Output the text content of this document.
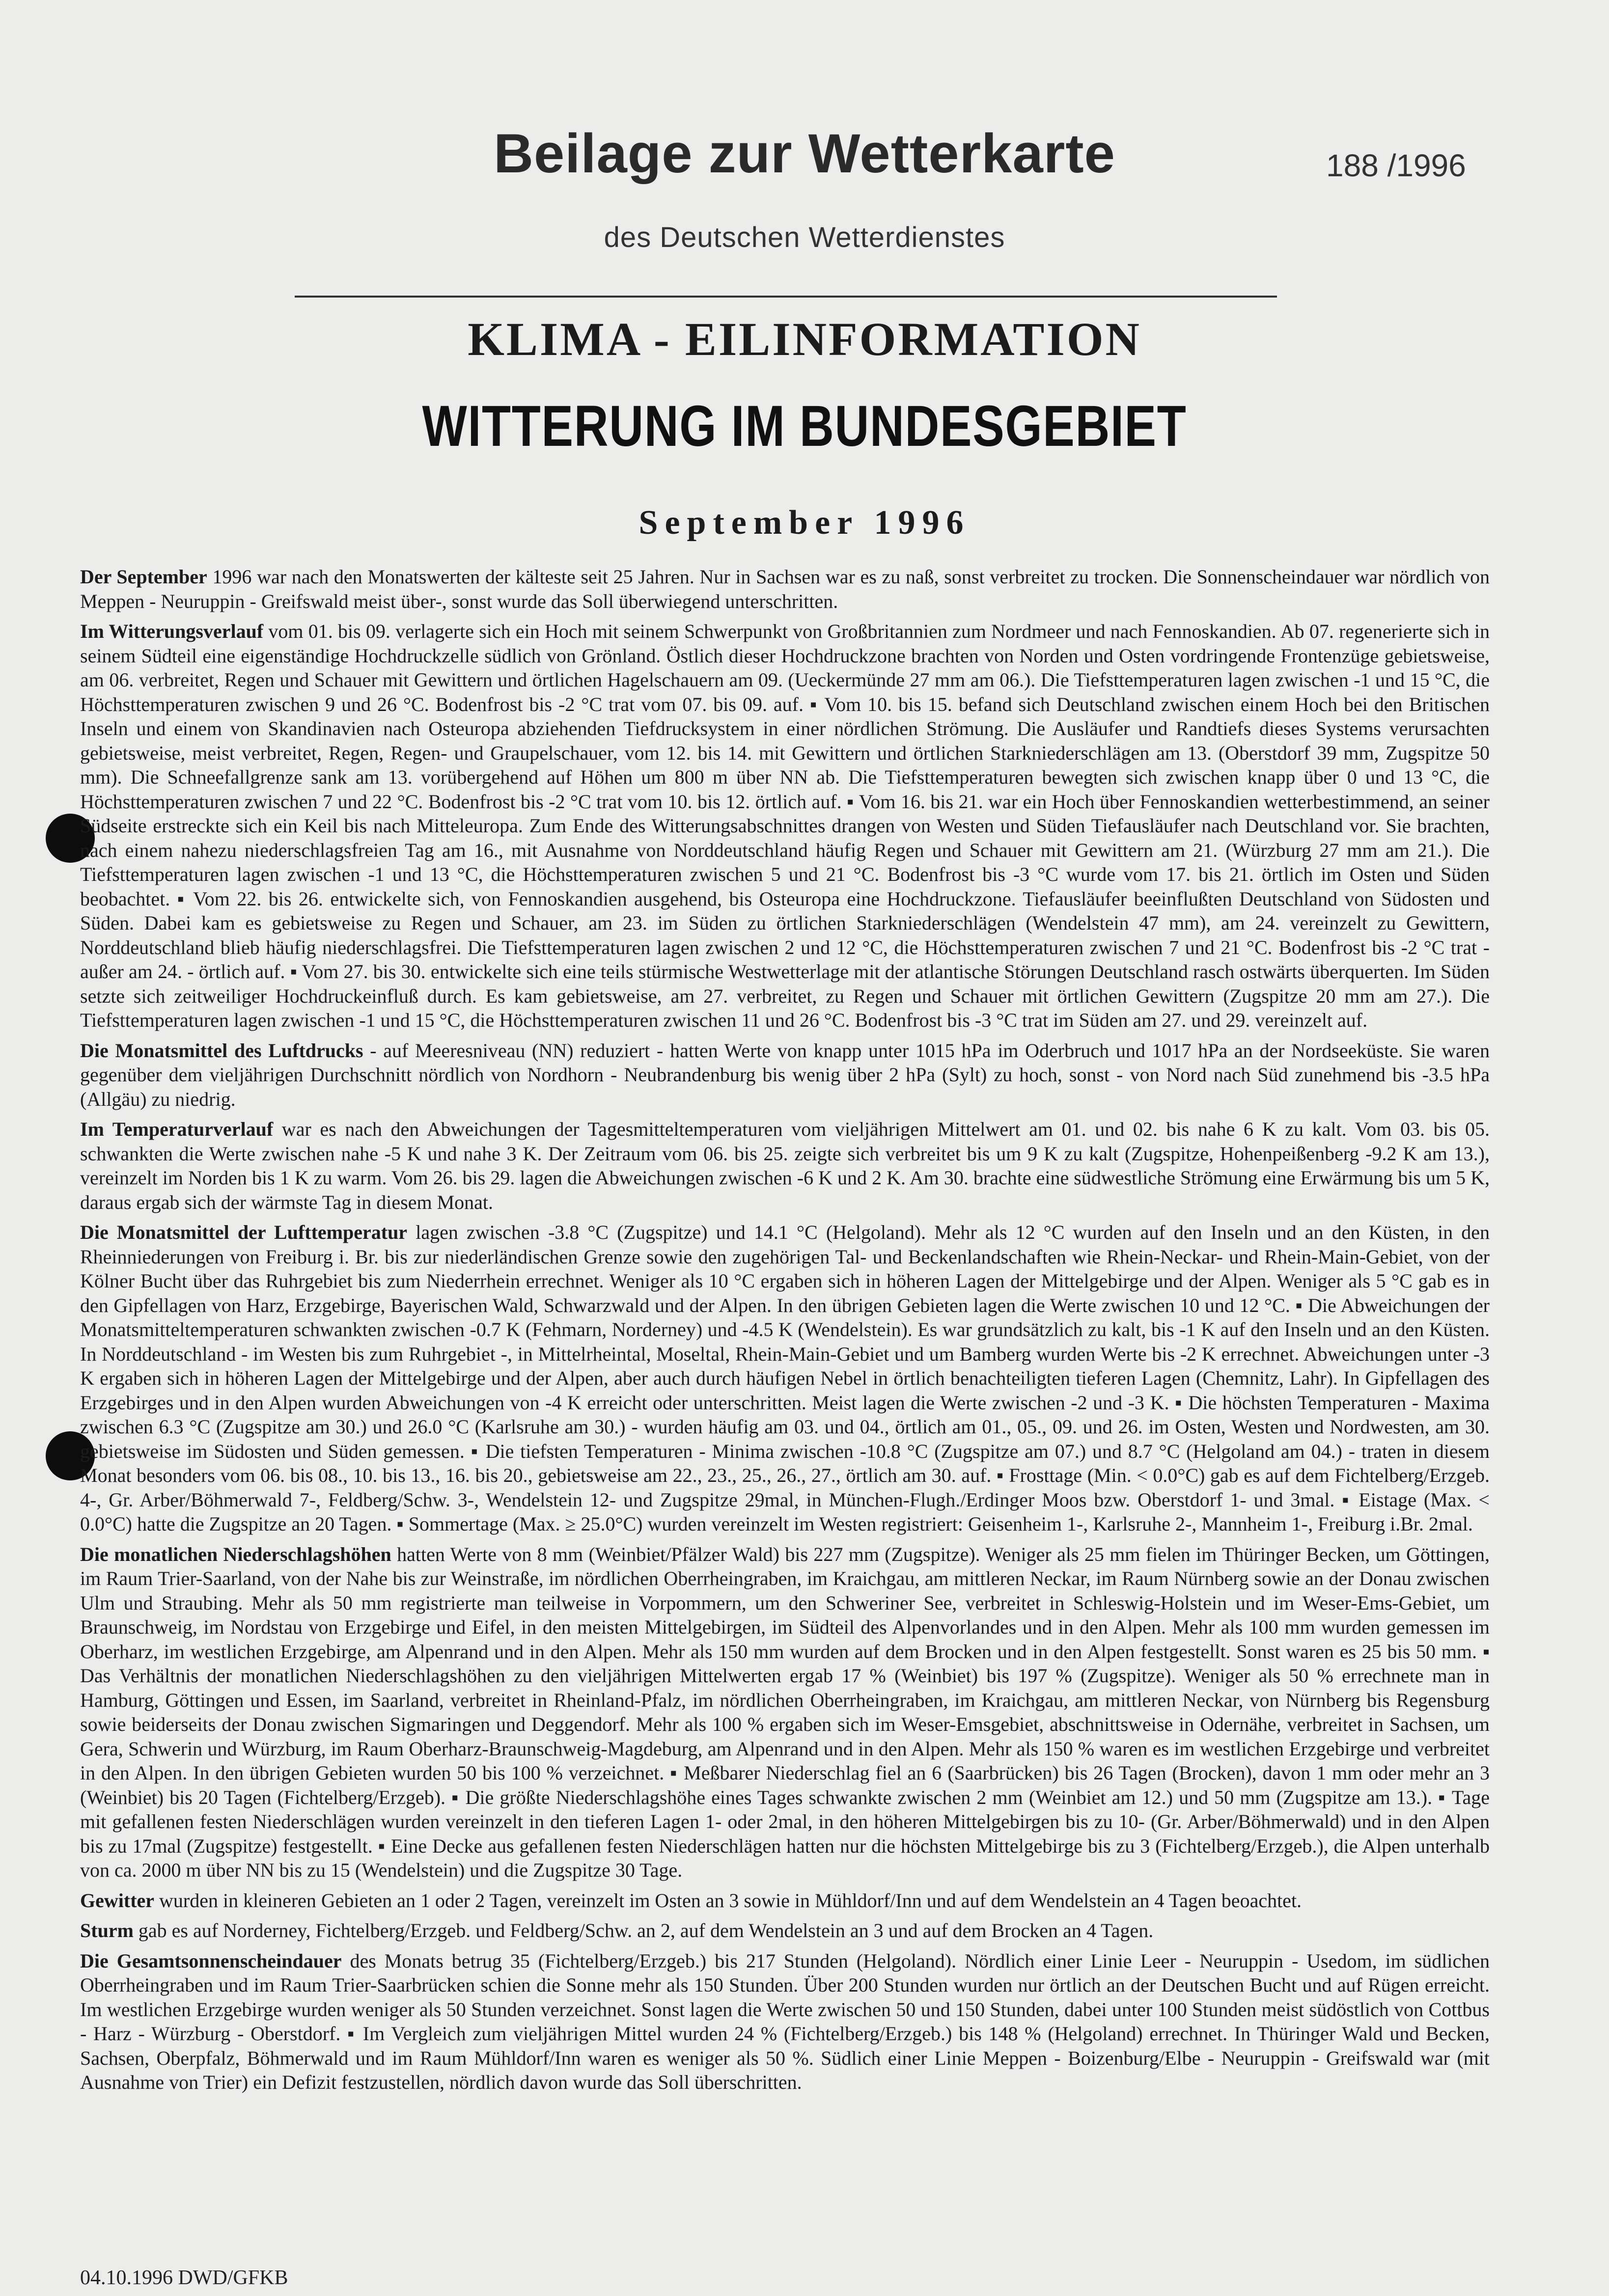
Beilage zur Wetterkarte	188 /1996
des Deutschen Wetterdienstes
KLIMA - EILINFORMATION
WITTERUNG IM BUNDESGEBIET
September 1996

Der September 1996 war nach den Monatswerten der kälteste seit 25 Jahren. Nur in Sachsen war es zu naß, sonst verbreitet zu trocken. Die Sonnenscheindauer war nördlich von Meppen - Neuruppin - Greifswald meist über-, sonst wurde das Soll überwiegend unterschritten.

Im Witterungsverlauf vom 01. bis 09. verlagerte sich ein Hoch mit seinem Schwerpunkt von Großbritannien zum Nordmeer und nach Fennoskandien. Ab 07. regenerierte sich in seinem Südteil eine eigenständige Hochdruckzelle südlich von Grönland. Östlich dieser Hochdruckzone brachten von Norden und Osten vordringende Frontenzüge gebietsweise, am 06. verbreitet, Regen und Schauer mit Gewittern und örtlichen Hagelschauern am 09. (Ueckermünde 27 mm am 06.). Die Tiefsttemperaturen lagen zwischen -1 und 15 °C, die Höchsttemperaturen zwischen 9 und 26 °C. Bodenfrost bis -2 °C trat vom 07. bis 09. auf. ▪ Vom 10. bis 15. befand sich Deutschland zwischen einem Hoch bei den Britischen Inseln und einem von Skandinavien nach Osteuropa abziehenden Tiefdrucksystem in einer nördlichen Strömung. Die Ausläufer und Randtiefs dieses Systems verursachten gebietsweise, meist verbreitet, Regen, Regen- und Graupelschauer, vom 12. bis 14. mit Gewittern und örtlichen Starkniederschlägen am 13. (Oberstdorf 39 mm, Zugspitze 50 mm). Die Schneefallgrenze sank am 13. vorübergehend auf Höhen um 800 m über NN ab. Die Tiefsttemperaturen bewegten sich zwischen knapp über 0 und 13 °C, die Höchsttemperaturen zwischen 7 und 22 °C. Bodenfrost bis -2 °C trat vom 10. bis 12. örtlich auf. ▪ Vom 16. bis 21. war ein Hoch über Fennoskandien wetterbestimmend, an seiner Südseite erstreckte sich ein Keil bis nach Mitteleuropa. Zum Ende des Witterungsabschnittes drangen von Westen und Süden Tiefausläufer nach Deutschland vor. Sie brachten, nach einem nahezu niederschlagsfreien Tag am 16., mit Ausnahme von Norddeutschland häufig Regen und Schauer mit Gewittern am 21. (Würzburg 27 mm am 21.). Die Tiefsttemperaturen lagen zwischen -1 und 13 °C, die Höchsttemperaturen zwischen 5 und 21 °C. Bodenfrost bis -3 °C wurde vom 17. bis 21. örtlich im Osten und Süden beobachtet. ▪ Vom 22. bis 26. entwickelte sich, von Fennoskandien ausgehend, bis Osteuropa eine Hochdruckzone. Tiefausläufer beeinflußten Deutschland von Südosten und Süden. Dabei kam es gebietsweise zu Regen und Schauer, am 23. im Süden zu örtlichen Starkniederschlägen (Wendelstein 47 mm), am 24. vereinzelt zu Gewittern, Norddeutschland blieb häufig niederschlagsfrei. Die Tiefsttemperaturen lagen zwischen 2 und 12 °C, die Höchsttemperaturen zwischen 7 und 21 °C. Bodenfrost bis -2 °C trat - außer am 24. - örtlich auf. ▪ Vom 27. bis 30. entwickelte sich eine teils stürmische Westwetterlage mit der atlantische Störungen Deutschland rasch ostwärts überquerten. Im Süden setzte sich zeitweiliger Hochdruckeinfluß durch. Es kam gebietsweise, am 27. verbreitet, zu Regen und Schauer mit örtlichen Gewittern (Zugspitze 20 mm am 27.). Die Tiefsttemperaturen lagen zwischen -1 und 15 °C, die Höchsttemperaturen zwischen 11 und 26 °C. Bodenfrost bis -3 °C trat im Süden am 27. und 29. vereinzelt auf.

Die Monatsmittel des Luftdrucks - auf Meeresniveau (NN) reduziert - hatten Werte von knapp unter 1015 hPa im Oderbruch und 1017 hPa an der Nordseeküste. Sie waren gegenüber dem vieljährigen Durchschnitt nördlich von Nordhorn - Neubrandenburg bis wenig über 2 hPa (Sylt) zu hoch, sonst - von Nord nach Süd zunehmend bis -3.5 hPa (Allgäu) zu niedrig.

Im Temperaturverlauf war es nach den Abweichungen der Tagesmitteltemperaturen vom vieljährigen Mittelwert am 01. und 02. bis nahe 6 K zu kalt. Vom 03. bis 05. schwankten die Werte zwischen nahe -5 K und nahe 3 K. Der Zeitraum vom 06. bis 25. zeigte sich verbreitet bis um 9 K zu kalt (Zugspitze, Hohenpeißenberg -9.2 K am 13.), vereinzelt im Norden bis 1 K zu warm. Vom 26. bis 29. lagen die Abweichungen zwischen -6 K und 2 K. Am 30. brachte eine südwestliche Strömung eine Erwärmung bis um 5 K, daraus ergab sich der wärmste Tag in diesem Monat.

Die Monatsmittel der Lufttemperatur lagen zwischen -3.8 °C (Zugspitze) und 14.1 °C (Helgoland). Mehr als 12 °C wurden auf den Inseln und an den Küsten, in den Rheinniederungen von Freiburg i. Br. bis zur niederländischen Grenze sowie den zugehörigen Tal- und Beckenlandschaften wie Rhein-Neckar- und Rhein-Main-Gebiet, von der Kölner Bucht über das Ruhrgebiet bis zum Niederrhein errechnet. Weniger als 10 °C ergaben sich in höheren Lagen der Mittelgebirge und der Alpen. Weniger als 5 °C gab es in den Gipfellagen von Harz, Erzgebirge, Bayerischen Wald, Schwarzwald und der Alpen. In den übrigen Gebieten lagen die Werte zwischen 10 und 12 °C. ▪ Die Abweichungen der Monatsmitteltemperaturen schwankten zwischen -0.7 K (Fehmarn, Norderney) und -4.5 K (Wendelstein). Es war grundsätzlich zu kalt, bis -1 K auf den Inseln und an den Küsten. In Norddeutschland - im Westen bis zum Ruhrgebiet -, in Mittelrheintal, Moseltal, Rhein-Main-Gebiet und um Bamberg wurden Werte bis -2 K errechnet. Abweichungen unter -3 K ergaben sich in höheren Lagen der Mittelgebirge und der Alpen, aber auch durch häufigen Nebel in örtlich benachteiligten tieferen Lagen (Chemnitz, Lahr). In Gipfellagen des Erzgebirges und in den Alpen wurden Abweichungen von -4 K erreicht oder unterschritten. Meist lagen die Werte zwischen -2 und -3 K. ▪ Die höchsten Temperaturen - Maxima zwischen 6.3 °C (Zugspitze am 30.) und 26.0 °C (Karlsruhe am 30.) - wurden häufig am 03. und 04., örtlich am 01., 05., 09. und 26. im Osten, Westen und Nordwesten, am 30. gebietsweise im Südosten und Süden gemessen. ▪ Die tiefsten Temperaturen - Minima zwischen -10.8 °C (Zugspitze am 07.) und 8.7 °C (Helgoland am 04.) - traten in diesem Monat besonders vom 06. bis 08., 10. bis 13., 16. bis 20., gebietsweise am 22., 23., 25., 26., 27., örtlich am 30. auf. ▪ Frosttage (Min. < 0.0°C) gab es auf dem Fichtelberg/Erzgeb. 4-, Gr. Arber/Böhmerwald 7-, Feldberg/Schw. 3-, Wendelstein 12- und Zugspitze 29mal, in München-Flugh./Erdinger Moos bzw. Oberstdorf 1- und 3mal. ▪ Eistage (Max. < 0.0°C) hatte die Zugspitze an 20 Tagen. ▪ Sommertage (Max. ≥ 25.0°C) wurden vereinzelt im Westen registriert: Geisenheim 1-, Karlsruhe 2-, Mannheim 1-, Freiburg i.Br. 2mal.

Die monatlichen Niederschlagshöhen hatten Werte von 8 mm (Weinbiet/Pfälzer Wald) bis 227 mm (Zugspitze). Weniger als 25 mm fielen im Thüringer Becken, um Göttingen, im Raum Trier-Saarland, von der Nahe bis zur Weinstraße, im nördlichen Oberrheingraben, im Kraichgau, am mittleren Neckar, im Raum Nürnberg sowie an der Donau zwischen Ulm und Straubing. Mehr als 50 mm registrierte man teilweise in Vorpommern, um den Schweriner See, verbreitet in Schleswig-Holstein und im Weser-Ems-Gebiet, um Braunschweig, im Nordstau von Erzgebirge und Eifel, in den meisten Mittelgebirgen, im Südteil des Alpenvorlandes und in den Alpen. Mehr als 100 mm wurden gemessen im Oberharz, im westlichen Erzgebirge, am Alpenrand und in den Alpen. Mehr als 150 mm wurden auf dem Brocken und in den Alpen festgestellt. Sonst waren es 25 bis 50 mm. ▪ Das Verhältnis der monatlichen Niederschlagshöhen zu den vieljährigen Mittelwerten ergab 17 % (Weinbiet) bis 197 % (Zugspitze). Weniger als 50 % errechnete man in Hamburg, Göttingen und Essen, im Saarland, verbreitet in Rheinland-Pfalz, im nördlichen Oberrheingraben, im Kraichgau, am mittleren Neckar, von Nürnberg bis Regensburg sowie beiderseits der Donau zwischen Sigmaringen und Deggendorf. Mehr als 100 % ergaben sich im Weser-Emsgebiet, abschnittsweise in Odernähe, verbreitet in Sachsen, um Gera, Schwerin und Würzburg, im Raum Oberharz-Braunschweig-Magdeburg, am Alpenrand und in den Alpen. Mehr als 150 % waren es im westlichen Erzgebirge und verbreitet in den Alpen. In den übrigen Gebieten wurden 50 bis 100 % verzeichnet. ▪ Meßbarer Niederschlag fiel an 6 (Saarbrücken) bis 26 Tagen (Brocken), davon 1 mm oder mehr an 3 (Weinbiet) bis 20 Tagen (Fichtelberg/Erzgeb). ▪ Die größte Niederschlagshöhe eines Tages schwankte zwischen 2 mm (Weinbiet am 12.) und 50 mm (Zugspitze am 13.). ▪ Tage mit gefallenen festen Niederschlägen wurden vereinzelt in den tieferen Lagen 1- oder 2mal, in den höheren Mittelgebirgen bis zu 10- (Gr. Arber/Böhmerwald) und in den Alpen bis zu 17mal (Zugspitze) festgestellt. ▪ Eine Decke aus gefallenen festen Niederschlägen hatten nur die höchsten Mittelgebirge bis zu 3 (Fichtelberg/Erzgeb.), die Alpen unterhalb von ca. 2000 m über NN bis zu 15 (Wendelstein) und die Zugspitze 30 Tage.

Gewitter wurden in kleineren Gebieten an 1 oder 2 Tagen, vereinzelt im Osten an 3 sowie in Mühldorf/Inn und auf dem Wendelstein an 4 Tagen beoachtet.

Sturm gab es auf Norderney, Fichtelberg/Erzgeb. und Feldberg/Schw. an 2, auf dem Wendelstein an 3 und auf dem Brocken an 4 Tagen.

Die Gesamtsonnenscheindauer des Monats betrug 35 (Fichtelberg/Erzgeb.) bis 217 Stunden (Helgoland). Nördlich einer Linie Leer - Neuruppin - Usedom, im südlichen Oberrheingraben und im Raum Trier-Saarbrücken schien die Sonne mehr als 150 Stunden. Über 200 Stunden wurden nur örtlich an der Deutschen Bucht und auf Rügen erreicht. Im westlichen Erzgebirge wurden weniger als 50 Stunden verzeichnet. Sonst lagen die Werte zwischen 50 und 150 Stunden, dabei unter 100 Stunden meist südöstlich von Cottbus - Harz - Würzburg - Oberstdorf. ▪ Im Vergleich zum vieljährigen Mittel wurden 24 % (Fichtelberg/Erzgeb.) bis 148 % (Helgoland) errechnet. In Thüringer Wald und Becken, Sachsen, Oberpfalz, Böhmerwald und im Raum Mühldorf/Inn waren es weniger als 50 %. Südlich einer Linie Meppen - Boizenburg/Elbe - Neuruppin - Greifswald war (mit Ausnahme von Trier) ein Defizit festzustellen, nördlich davon wurde das Soll überschritten.

04.10.1996 DWD/GFKB
